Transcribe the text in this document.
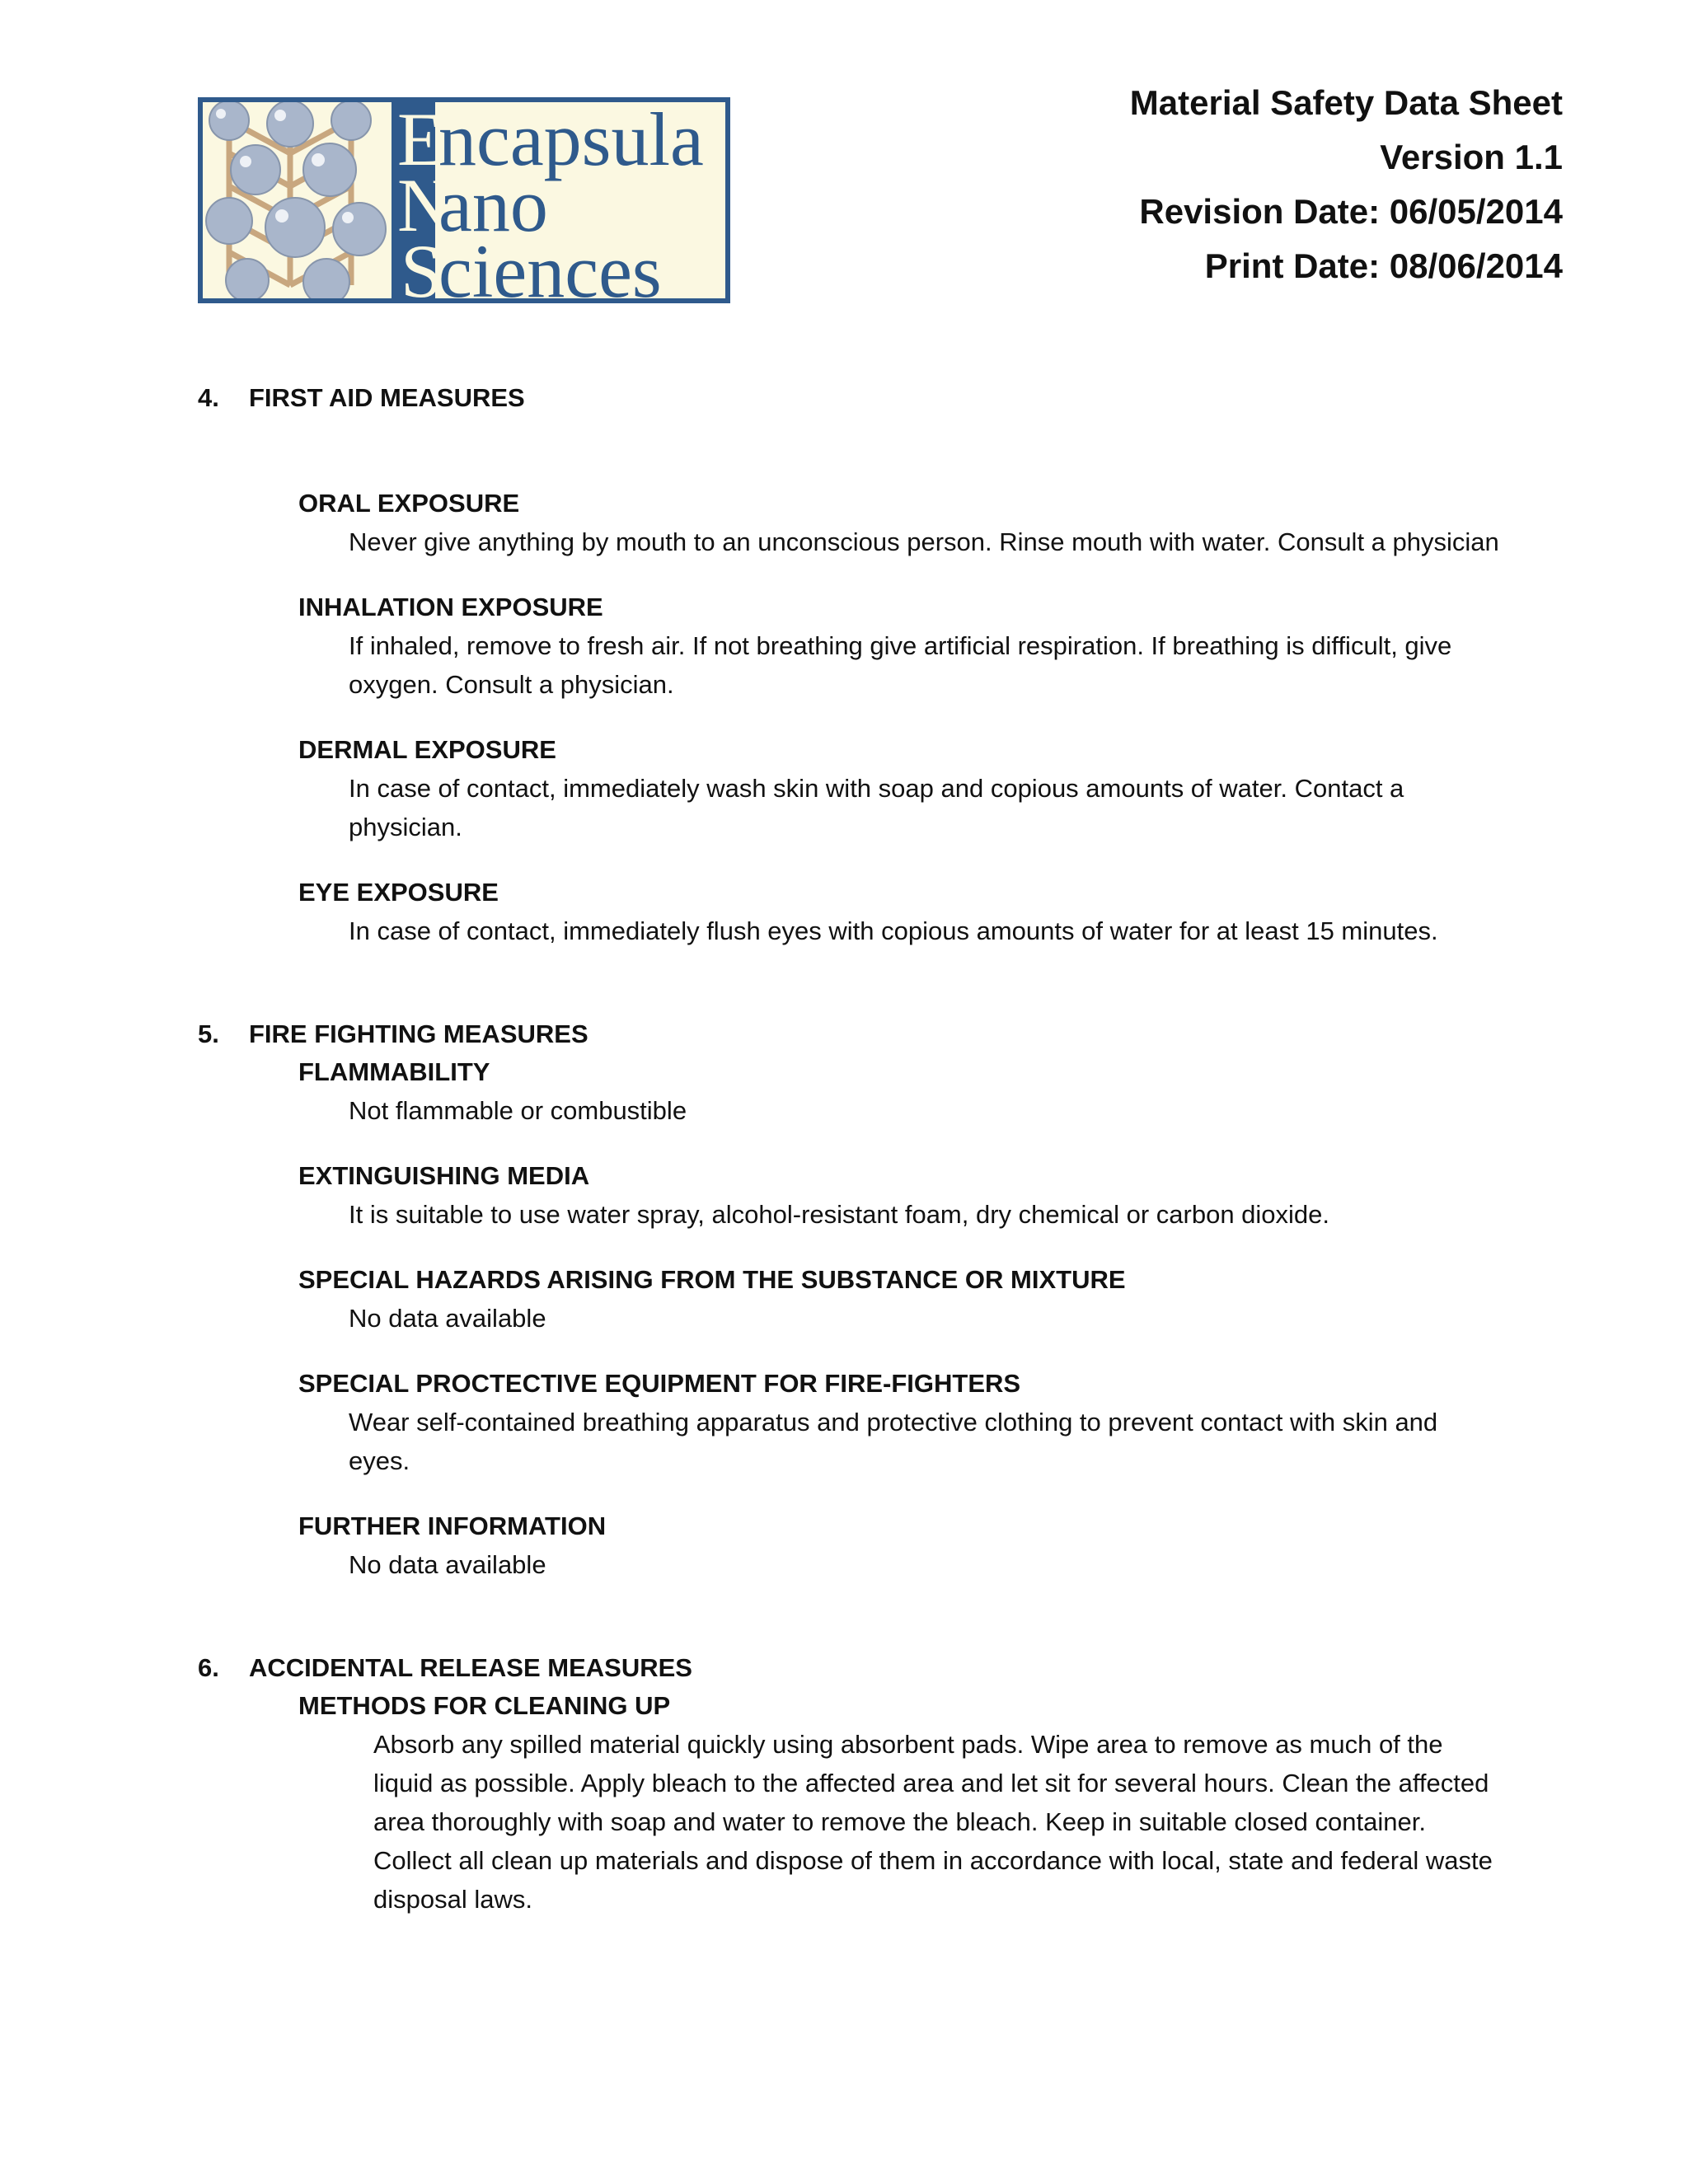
E
N
S
ncapsula
ano
ciences
Material Safety Data Sheet
Version 1.1
Revision Date: 06/05/2014
Print Date: 08/06/2014
4.	FIRST AID MEASURES
ORAL EXPOSURE
Never give anything by mouth to an unconscious person. Rinse mouth with water. Consult a physician
INHALATION EXPOSURE
If inhaled, remove to fresh air. If not breathing give artificial respiration. If breathing is difficult, give oxygen. Consult a physician.
DERMAL EXPOSURE
In case of contact, immediately wash skin with soap and copious amounts of water. Contact a physician.
EYE EXPOSURE
In case of contact, immediately flush eyes with copious amounts of water for at least 15 minutes.
5.	FIRE FIGHTING MEASURES
FLAMMABILITY
Not flammable or combustible
EXTINGUISHING MEDIA
It is suitable to use water spray, alcohol-resistant foam, dry chemical or carbon dioxide.
SPECIAL HAZARDS ARISING FROM THE SUBSTANCE OR MIXTURE
No data available
SPECIAL PROCTECTIVE EQUIPMENT FOR FIRE-FIGHTERS
Wear self-contained breathing apparatus and protective clothing to prevent contact with skin and eyes.
FURTHER INFORMATION
No data available
6.	ACCIDENTAL RELEASE MEASURES
METHODS FOR CLEANING UP
Absorb any spilled material quickly using absorbent pads. Wipe area to remove as much of the liquid as possible. Apply bleach to the affected area and let sit for several hours. Clean the affected area thoroughly with soap and water to remove the bleach. Keep in suitable closed container. Collect all clean up materials and dispose of them in accordance with local, state and federal waste disposal laws.
